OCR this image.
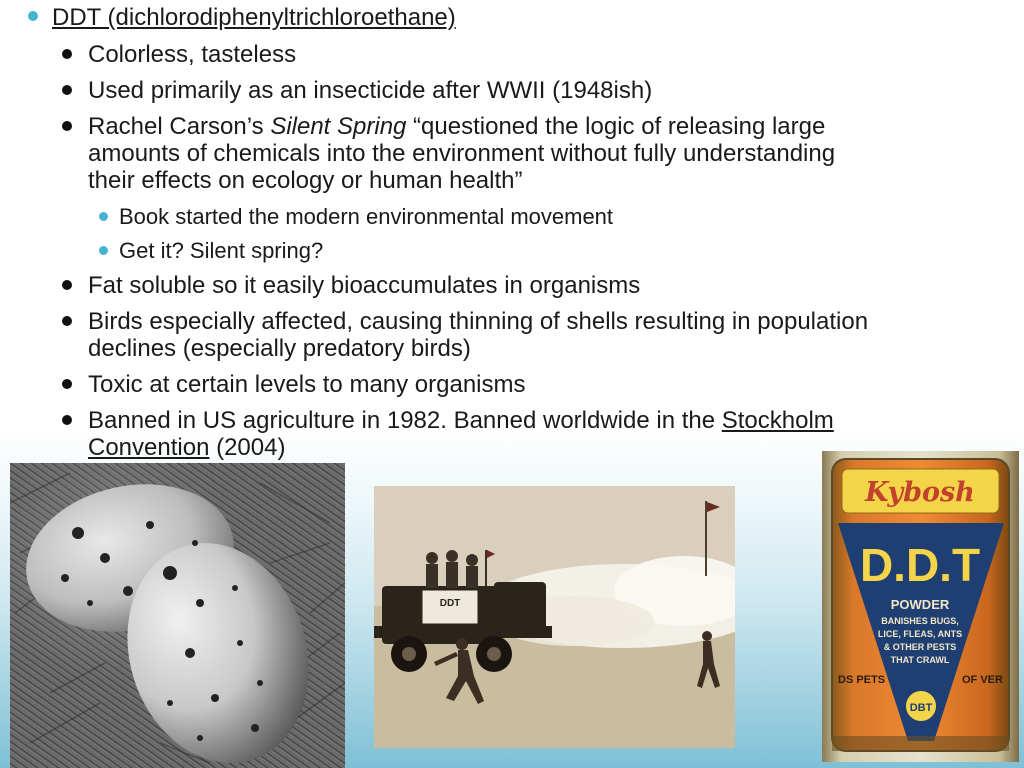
DDT (dichlorodiphenyltrichloroethane)
Colorless, tasteless
Used primarily as an insecticide after WWII (1948ish)
Rachel Carson’s Silent Spring “questioned the logic of releasing large
amounts of chemicals into the environment without fully understanding
their effects on ecology or human health”
Book started the modern environmental movement
Get it? Silent spring?
Fat soluble so it easily bioaccumulates in organisms
Birds especially affected, causing thinning of shells resulting in population
declines (especially predatory birds)
Toxic at certain levels to many organisms
Banned in US agriculture in 1982. Banned worldwide in the Stockholm
Convention (2004)
DDT
Kybosh
D.D.T
POWDER
BANISHES BUGS,
LICE, FLEAS, ANTS
& OTHER PESTS
THAT CRAWL
DS PETS	OF VER
DBT
